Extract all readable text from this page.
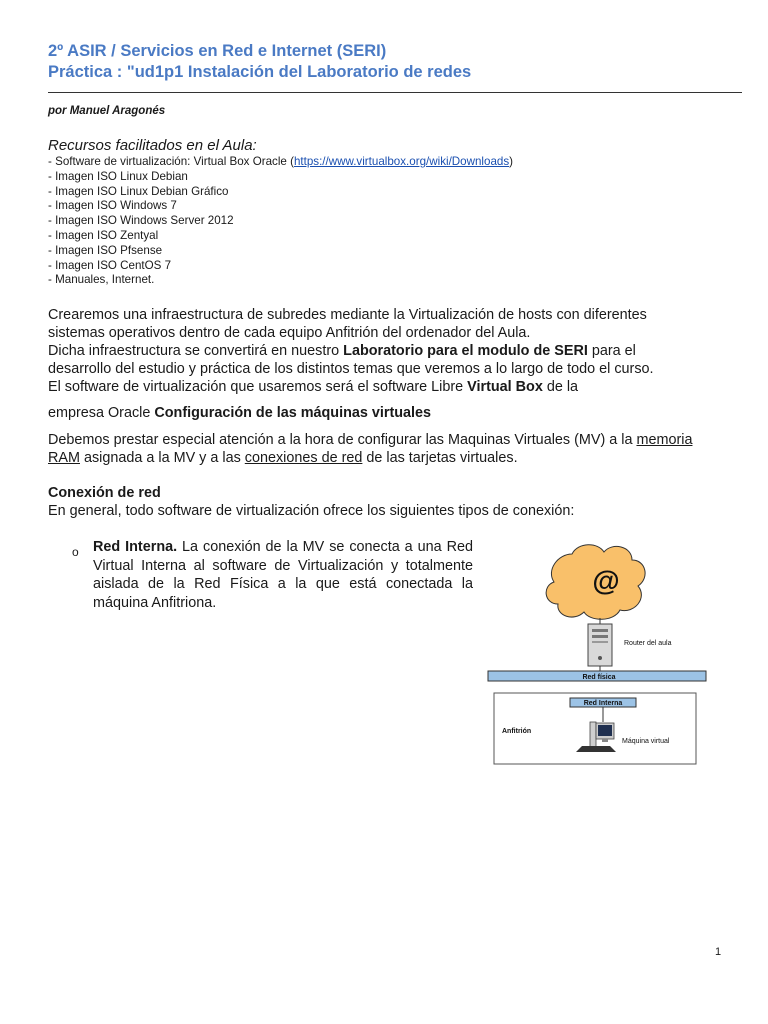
2º ASIR / Servicios en Red e Internet (SERI)
Práctica : "ud1p1 Instalación del Laboratorio de redes
por Manuel Aragonés
Recursos facilitados en el Aula:
- Software de virtualización: Virtual Box Oracle (https://www.virtualbox.org/wiki/Downloads)
- Imagen ISO Linux Debian
- Imagen ISO Linux Debian Gráfico
- Imagen ISO Windows 7
- Imagen ISO Windows Server 2012
- Imagen ISO Zentyal
- Imagen ISO Pfsense
- Imagen ISO CentOS 7
- Manuales, Internet.

Crearemos una infraestructura de subredes mediante la Virtualización de hosts con diferentes sistemas operativos dentro de cada equipo Anfitrión del ordenador del Aula.
Dicha infraestructura se convertirá en nuestro Laboratorio para el modulo de SERI para el desarrollo del estudio y práctica de los distintos temas que veremos a lo largo de todo el curso.
El software de virtualización que usaremos será el software Libre Virtual Box de la

empresa Oracle Configuración de las máquinas virtuales

Debemos prestar especial atención a la hora de configurar las Maquinas Virtuales (MV) a la memoria RAM asignada a la MV y a las conexiones de red de las tarjetas virtuales.

Conexión de red
En general, todo software de virtualización ofrece los siguientes tipos de conexión:
o Red Interna. La conexión de la MV se conecta a una Red Virtual Interna al software de Virtualización y totalmente aislada de la Red Física a la que está conectada la máquina Anfitriona.

@
Router del aula
Red física
Anfitrión
Red Interna
Máquina virtual
1
